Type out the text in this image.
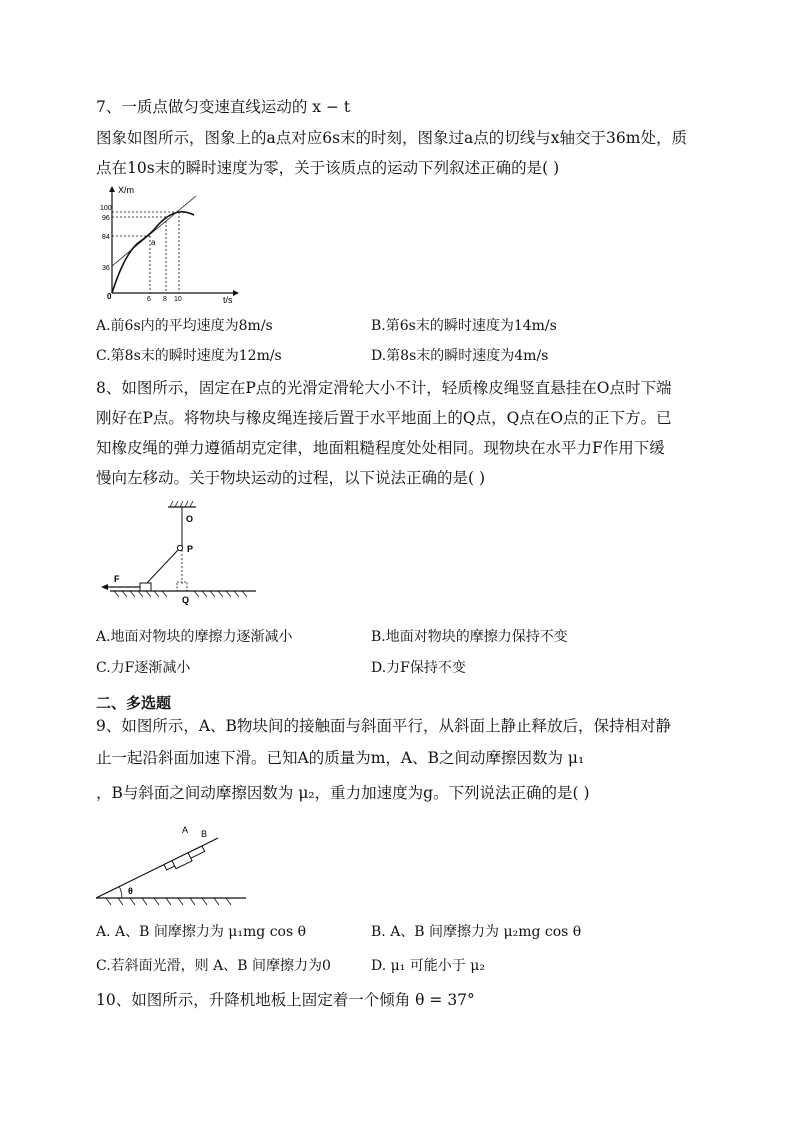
7、一质点做匀变速直线运动的 x − t
图象如图所示，图象上的a点对应6s末的时刻，图象过a点的切线与x轴交于36m处，质
点在10s末的瞬时速度为零，关于该质点的运动下列叙述正确的是( )
X/m
100
96
84
36
0	6 8 10	t/s
a
A.前6s内的平均速度为8m/s	B.第6s末的瞬时速度为14m/s
C.第8s末的瞬时速度为12m/s	D.第8s末的瞬时速度为4m/s
8、如图所示，固定在P点的光滑定滑轮大小不计，轻质橡皮绳竖直悬挂在O点时下端
刚好在P点。将物块与橡皮绳连接后置于水平地面上的Q点，Q点在O点的正下方。已
知橡皮绳的弹力遵循胡克定律，地面粗糙程度处处相同。现物块在水平力F作用下缓
慢向左移动。关于物块运动的过程，以下说法正确的是( )
O
P
Q
F
A.地面对物块的摩擦力逐渐减小	B.地面对物块的摩擦力保持不变
C.力F逐渐减小	D.力F保持不变
二、多选题
9、如图所示，A、B物块间的接触面与斜面平行，从斜面上静止释放后，保持相对静
止一起沿斜面加速下滑。已知A的质量为m，A、B之间动摩擦因数为 μ₁
，B与斜面之间动摩擦因数为 μ₂，重力加速度为g。下列说法正确的是( )
A B
θ
A. A、B 间摩擦力为 μ₁mg cos θ	B. A、B 间摩擦力为 μ₂mg cos θ
C.若斜面光滑，则 A、B 间摩擦力为0	D. μ₁ 可能小于 μ₂
10、如图所示，升降机地板上固定着一个倾角 θ = 37°
